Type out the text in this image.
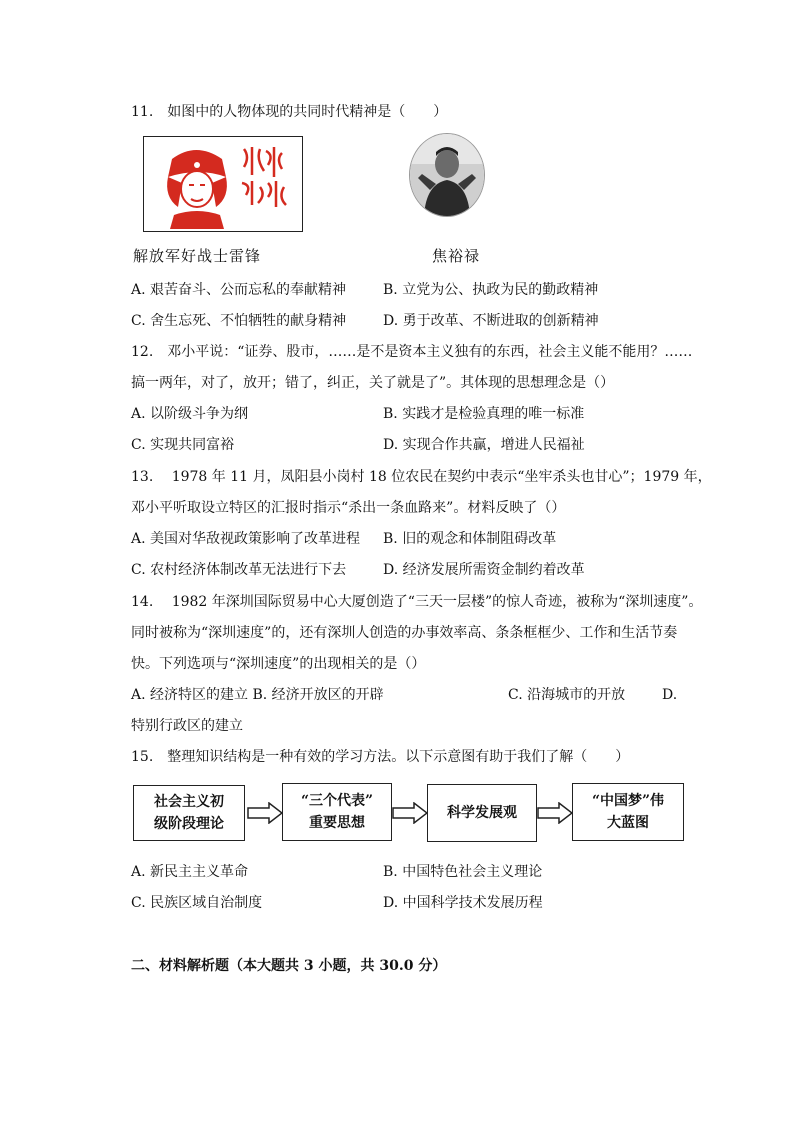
11.　如图中的人物体现的共同时代精神是（　　）
解放军好战士雷锋	焦裕禄
A. 艰苦奋斗、公而忘私的奉献精神	B. 立党为公、执政为民的勤政精神
C. 舍生忘死、不怕牺牲的献身精神	D. 勇于改革、不断进取的创新精神
12.　邓小平说：“证券、股市，……是不是资本主义独有的东西，社会主义能不能用？……
搞一两年，对了，放开；错了，纠正，关了就是了”。其体现的思想理念是（）
A. 以阶级斗争为纲	B. 实践才是检验真理的唯一标准
C. 实现共同富裕	D. 实现合作共赢，增进人民福祉
13.　 1978 年 11 月，凤阳县小岗村 18 位农民在契约中表示“坐牢杀头也甘心”；1979 年，
邓小平听取设立特区的汇报时指示“杀出一条血路来”。材料反映了（）
A. 美国对华敌视政策影响了改革进程 B. 旧的观念和体制阻碍改革
C. 农村经济体制改革无法进行下去	D. 经济发展所需资金制约着改革
14.　 1982 年深圳国际贸易中心大厦创造了“三天一层楼”的惊人奇迹，被称为“深圳速度”。
同时被称为“深圳速度”的，还有深圳人创造的办事效率高、条条框框少、工作和生活节奏
快。下列选项与“深圳速度”的出现相关的是（）
A. 经济特区的建立 B. 经济开放区的开辟	C. 沿海城市的开放	D.
特别行政区的建立
15.　整理知识结构是一种有效的学习方法。以下示意图有助于我们了解（　　）
社会主义初
级阶段理论
“三个代表”
重要思想
科学发展观
“中国梦”伟
大蓝图
A. 新民主主义革命	B. 中国特色社会主义理论
C. 民族区域自治制度	D. 中国科学技术发展历程
二、材料解析题（本大题共 3 小题，共 30.0 分）
